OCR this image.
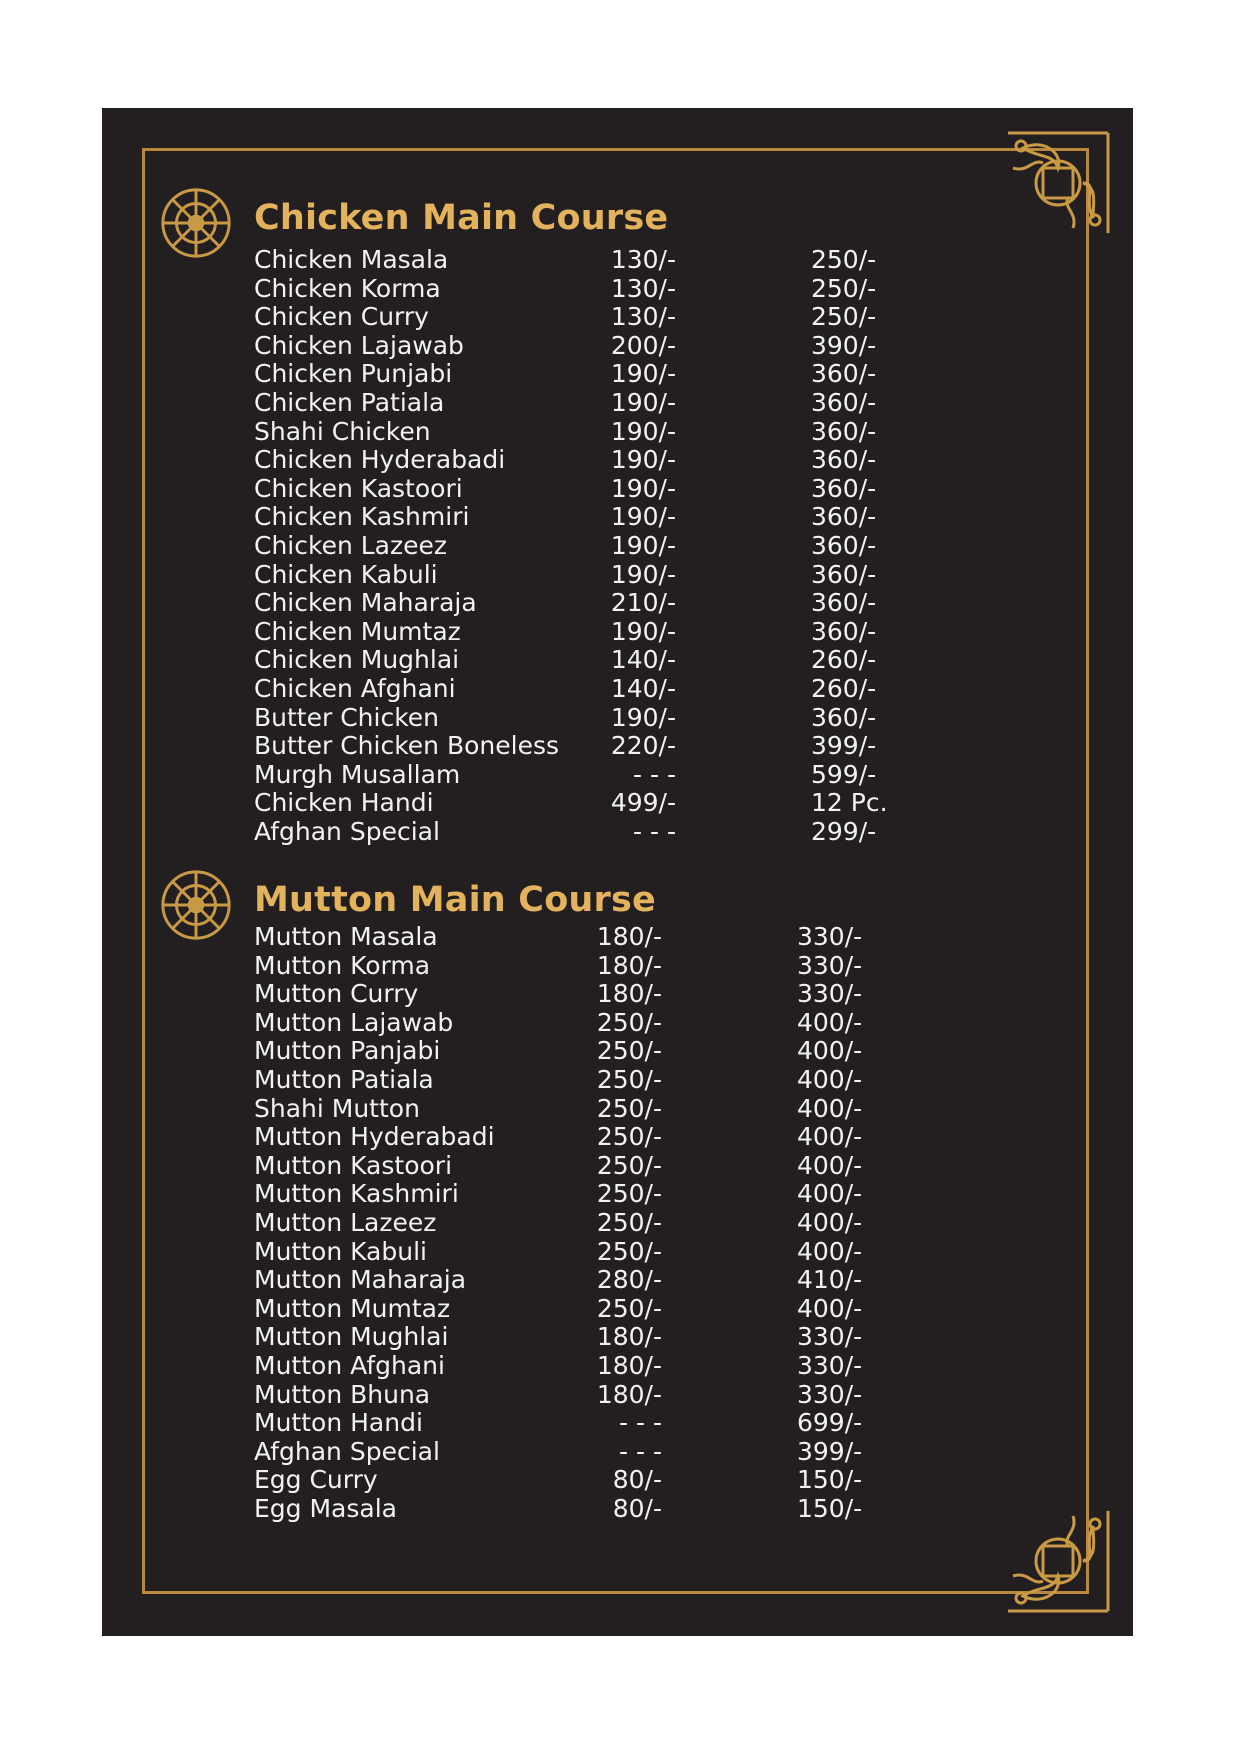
Chicken Main Course
Chicken Masala	130/-	250/-
Chicken Korma	130/-	250/-
Chicken Curry	130/-	250/-
Chicken Lajawab	200/-	390/-
Chicken Punjabi	190/-	360/-
Chicken Patiala	190/-	360/-
Shahi Chicken	190/-	360/-
Chicken Hyderabadi	190/-	360/-
Chicken Kastoori	190/-	360/-
Chicken Kashmiri	190/-	360/-
Chicken Lazeez	190/-	360/-
Chicken Kabuli	190/-	360/-
Chicken Maharaja	210/-	360/-
Chicken Mumtaz	190/-	360/-
Chicken Mughlai	140/-	260/-
Chicken Afghani	140/-	260/-
Butter Chicken	190/-	360/-
Butter Chicken Boneless	220/-	399/-
Murgh Musallam	- - -	599/-
Chicken Handi	499/-	12 Pc.
Afghan Special	- - -	299/-
Mutton Main Course
Mutton Masala	180/-	330/-
Mutton Korma	180/-	330/-
Mutton Curry	180/-	330/-
Mutton Lajawab	250/-	400/-
Mutton Panjabi	250/-	400/-
Mutton Patiala	250/-	400/-
Shahi Mutton	250/-	400/-
Mutton Hyderabadi	250/-	400/-
Mutton Kastoori	250/-	400/-
Mutton Kashmiri	250/-	400/-
Mutton Lazeez	250/-	400/-
Mutton Kabuli	250/-	400/-
Mutton Maharaja	280/-	410/-
Mutton Mumtaz	250/-	400/-
Mutton Mughlai	180/-	330/-
Mutton Afghani	180/-	330/-
Mutton Bhuna	180/-	330/-
Mutton Handi	- - -	699/-
Afghan Special	- - -	399/-
Egg Curry	80/-	150/-
Egg Masala	80/-	150/-
